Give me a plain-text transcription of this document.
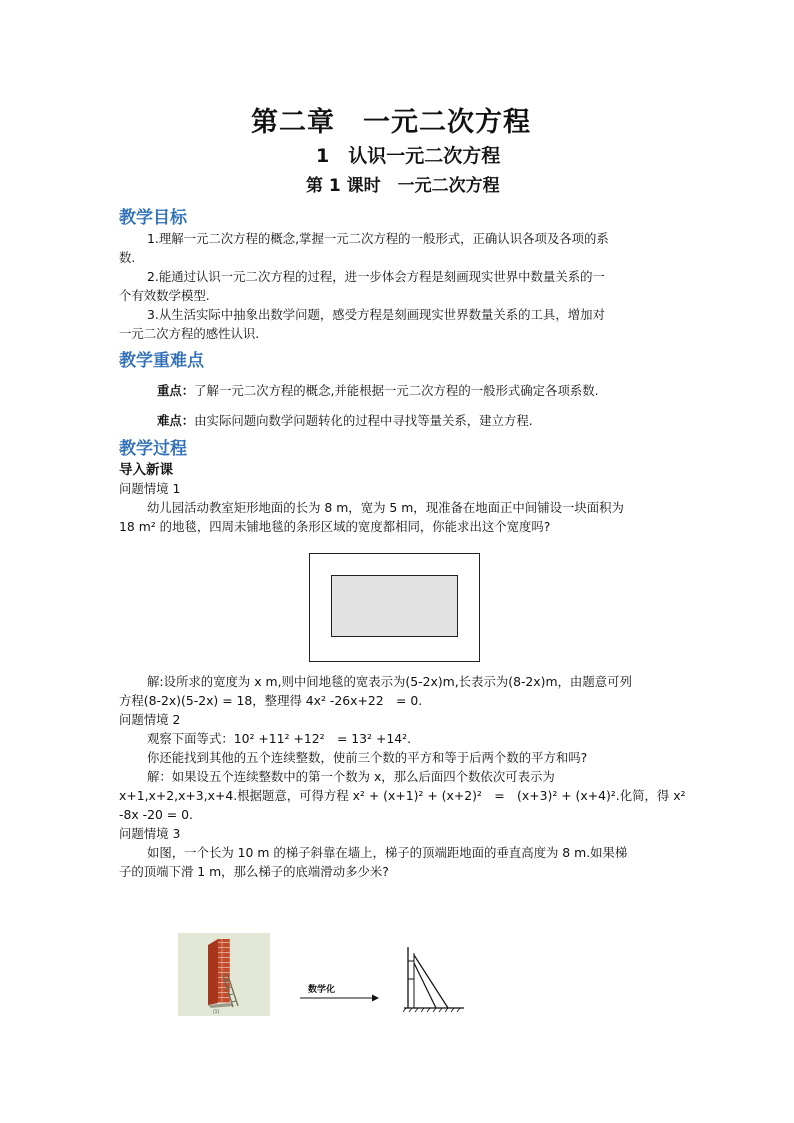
第二章　一元二次方程
1　认识一元二次方程
第 1 课时　一元二次方程
教学目标
1.理解一元二次方程的概念,掌握一元二次方程的一般形式，正确认识各项及各项的系
数.
2.能通过认识一元二次方程的过程，进一步体会方程是刻画现实世界中数量关系的一
个有效数学模型.
3.从生活实际中抽象出数学问题，感受方程是刻画现实世界数量关系的工具，增加对
一元二次方程的感性认识.
教学重难点
重点：了解一元二次方程的概念,并能根据一元二次方程的一般形式确定各项系数.
难点：由实际问题向数学问题转化的过程中寻找等量关系，建立方程.
教学过程
导入新课
问题情境 1
幼儿园活动教室矩形地面的长为 8 m，宽为 5 m，现准备在地面正中间铺设一块面积为
18 m² 的地毯，四周未铺地毯的条形区域的宽度都相同，你能求出这个宽度吗?
解:设所求的宽度为 x m,则中间地毯的宽表示为(5-2x)m,长表示为(8-2x)m，由题意可列
方程(8-2x)(5-2x) = 18，整理得 4x² -26x+22　= 0.
问题情境 2
观察下面等式：10² +11² +12²　= 13² +14².
你还能找到其他的五个连续整数，使前三个数的平方和等于后两个数的平方和吗?
解：如果设五个连续整数中的第一个数为 x，那么后面四个数依次可表示为
x+1,x+2,x+3,x+4.根据题意，可得方程 x² + (x+1)² + (x+2)²　=　(x+3)² + (x+4)².化简，得 x²
-8x -20 = 0.
问题情境 3
如图，一个长为 10 m 的梯子斜靠在墙上，梯子的顶端距地面的垂直高度为 8 m.如果梯
子的顶端下滑 1 m，那么梯子的底端滑动多少米?
(1)
数学化
